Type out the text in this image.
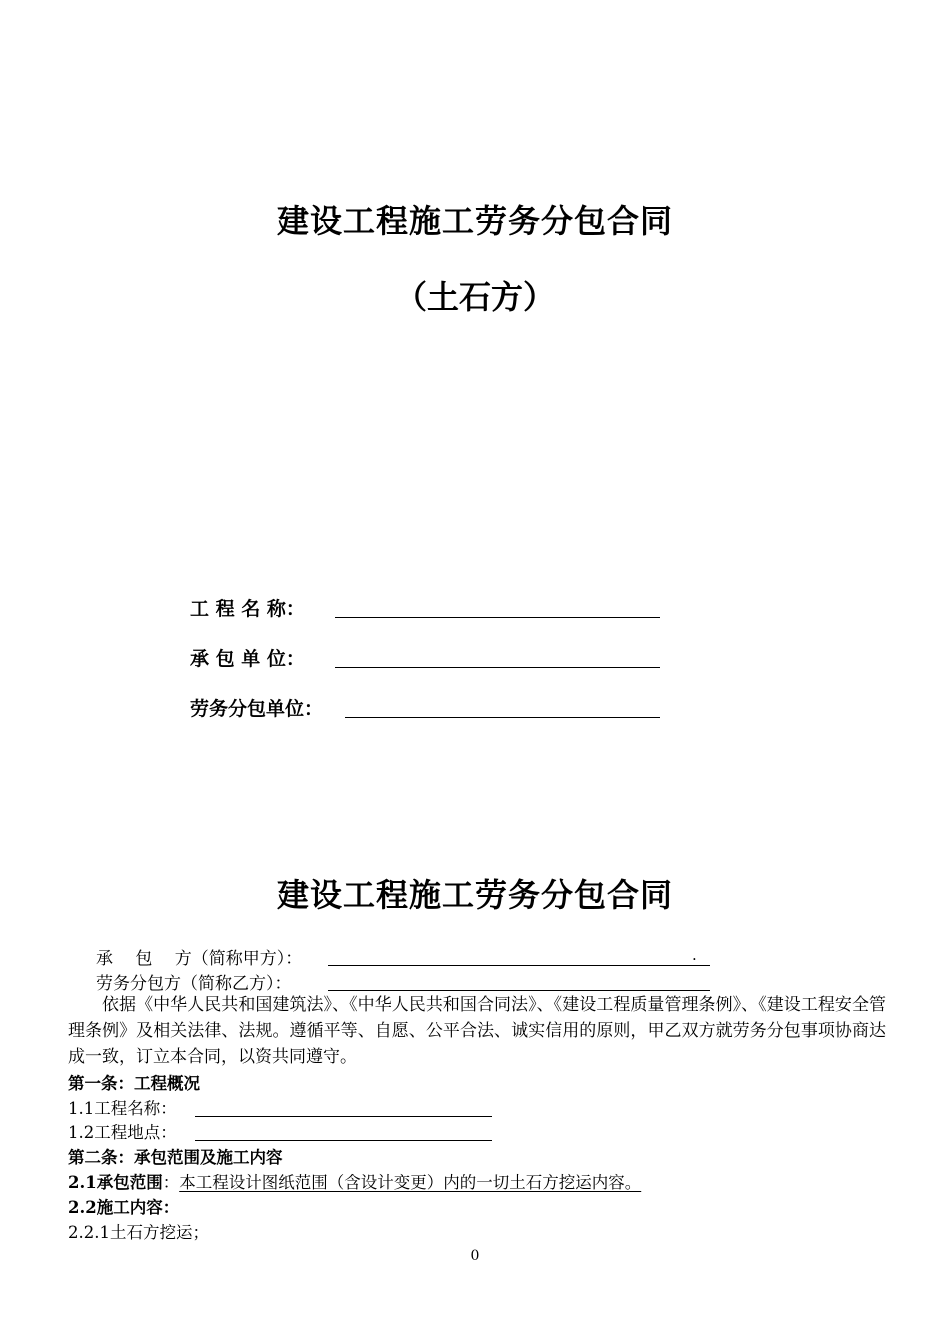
建设工程施工劳务分包合同
（土石方）
工 程 名 称：
承 包 单 位：
劳务分包单位：
建设工程施工劳务分包合同
承　 包　 方（简称甲方）：	.
劳务分包方（简称乙方）：
依据《中华人民共和国建筑法》、《中华人民共和国合同法》、《建设工程质量管理条例》、《建设工程安全管理条例》及相关法律、法规。遵循平等、自愿、公平合法、诚实信用的原则，甲乙双方就劳务分包事项协商达成一致，订立本合同，以资共同遵守。
第一条：工程概况
1.1工程名称：
1.2工程地点：
第二条：承包范围及施工内容
2.1承包范围：本工程设计图纸范围（含设计变更）内的一切土石方挖运内容。
2.2施工内容：
2.2.1土石方挖运；
0
